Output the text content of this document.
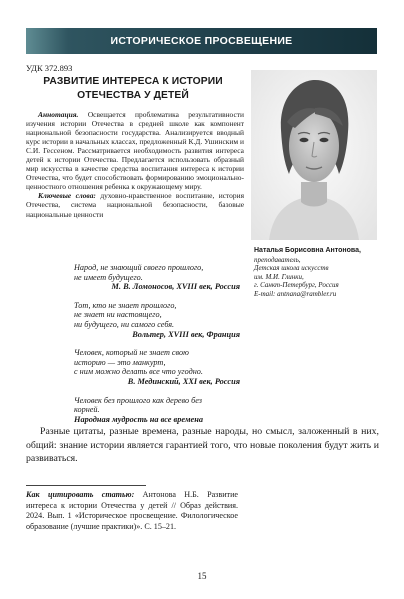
ИСТОРИЧЕСКОЕ ПРОСВЕЩЕНИЕ
УДК 372.893
РАЗВИТИЕ ИНТЕРЕСА К ИСТОРИИ ОТЕЧЕСТВА У ДЕТЕЙ

Аннотация. Освещается проблематика результативности изучения истории Отечества в средней школе как компонент национальной безопасности государства. Анализируется вводный курс истории в начальных классах, предложенный К.Д. Ушинским и С.И. Гессеном. Рассматривается необходимость развития интереса детей к истории Отечества. Предлагается использовать образный мир искусства в качестве средства воспитания интереса к истории Отечества, что будет способствовать формированию эмоционально-ценностного отношения ребенка к окружающему миру.

Ключевые слова: духовно-нравственное воспитание, история Отечества, система национальной безопасности, базовые национальные ценности

Наталья Борисовна Антонова,
преподаватель,
Детская школа искусств
им. М.И. Глинки,
г. Санкт-Петербург, Россия
E-mail: antnana@rambler.ru
Народ, не знающий своего прошлого,
не имеет будущего.
М. В. Ломоносов, XVIII век, Россия
Тот, кто не знает прошлого,
не знает ни настоящего,
ни будущего, ни самого себя.
Вольтер, XVIII век, Франция
Человек, который не знает свою
историю — это манкурт,
с ним можно делать все что угодно.
В. Мединский, XXI век, Россия
Человек без прошлого как дерево без
корней.
Народная мудрость на все времена

Разные цитаты, разные времена, разные народы, но смысл, заложенный в них, общий: знание истории является гарантией того, что новые поколения будут жить и развиваться.

Как цитировать статью: Антонова Н.Б. Развитие интереса к истории Отечества у детей // Образ действия. 2024. Вып. 1 «Историческое просвещение. Филологическое образование (лучшие практики)». С. 15–21.
15
